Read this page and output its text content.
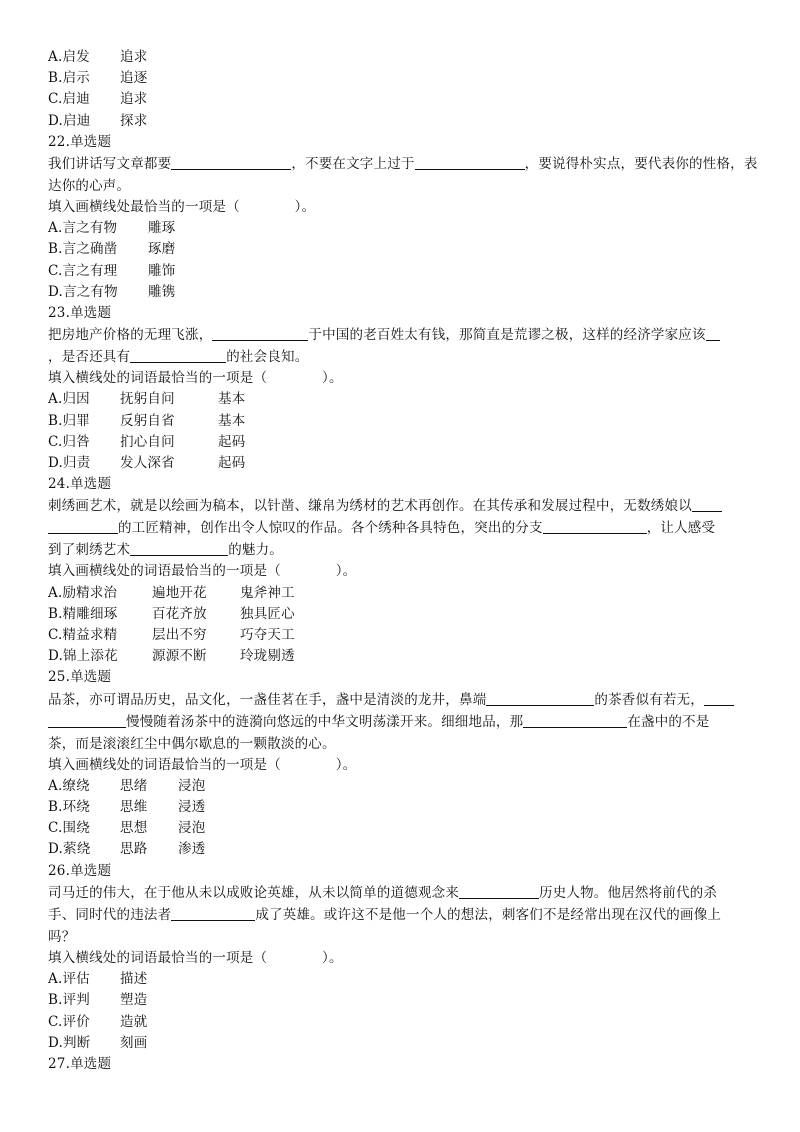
A.启发	追求
B.启示	追逐
C.启迪	追求
D.启迪	探求
22.单选题
我们讲话写文章都要	，不要在文字上过于	，要说得朴实点，要代表你的性格，表
达你的心声。
填入画横线处最恰当的一项是（　　　　）。
A.言之有物	雕琢
B.言之确凿	琢磨
C.言之有理	雕饰
D.言之有物	雕镌
23.单选题
把房地产价格的无理飞涨，	于中国的老百姓太有钱，那简直是荒谬之极，这样的经济学家应该
，是否还具有	的社会良知。
填入横线处的词语最恰当的一项是（　　　　）。
A.归因	抚躬自问	基本
B.归罪	反躬自省	基本
C.归咎	扪心自问	起码
D.归责	发人深省	起码
24.单选题
刺绣画艺术，就是以绘画为稿本，以针凿、缣帛为绣材的艺术再创作。在其传承和发展过程中，无数绣娘以
的工匠精神，创作出令人惊叹的作品。各个绣种各具特色，突出的分支	，让人感受
到了刺绣艺术	的魅力。
填入画横线处的词语最恰当的一项是（　　　　）。
A.励精求治	遍地开花	鬼斧神工
B.精雕细琢	百花齐放	独具匠心
C.精益求精	层出不穷	巧夺天工
D.锦上添花	源源不断	玲珑剔透
25.单选题
品茶，亦可谓品历史，品文化，一盏佳茗在手，盏中是清淡的龙井，鼻端	的茶香似有若无，
慢慢随着汤茶中的涟漪向悠远的中华文明荡漾开来。细细地品，那	在盏中的不是
茶，而是滚滚红尘中偶尔歇息的一颗散淡的心。
填入画横线处的词语最恰当的一项是（　　　　）。
A.缭绕	思绪	浸泡
B.环绕	思维	浸透
C.围绕	思想	浸泡
D.萦绕	思路	渗透
26.单选题
司马迁的伟大，在于他从未以成败论英雄，从未以简单的道德观念来	历史人物。他居然将前代的杀
手、同时代的违法者	成了英雄。或许这不是他一个人的想法，刺客们不是经常出现在汉代的画像上
吗？
填入横线处的词语最恰当的一项是（　　　　）。
A.评估	描述
B.评判	塑造
C.评价	造就
D.判断	刻画
27.单选题
